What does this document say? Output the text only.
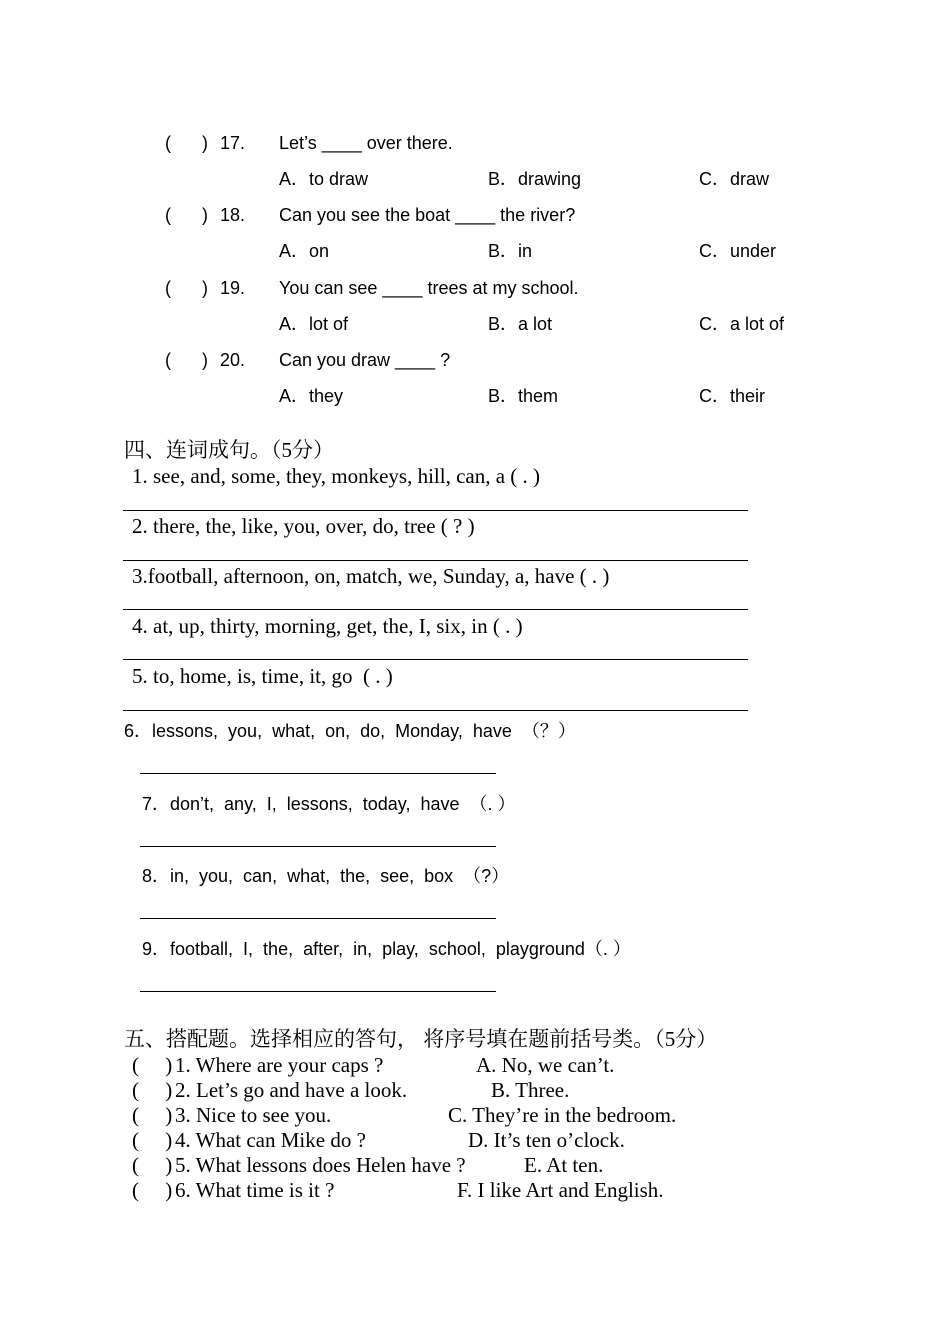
( ) 17. Let’s ____ over there.
A．to draw	B．drawing	C．draw
( ) 18. Can you see the boat ____ the river?
A．on	B．in	C．under
( ) 19. You can see ____ trees at my school.
A．lot of	B．a lot	C．a lot of
( ) 20. Can you draw ____ ?
A．they	B．them	C．their
四、连词成句。（5分）
1. see, and, some, they, monkeys, hill, can, a ( . )
2. there, the, like, you, over, do, tree ( ? )
3.football, afternoon, on, match, we, Sunday, a, have ( . )
4. at, up, thirty, morning, get, the, I, six, in ( . )
5. to, home, is, time, it, go  ( . )
6．lessons,  you,  what,  on,  do,  Monday,  have  （？）
7．don’t,  any,  I,  lessons,  today,  have  （. ）
8．in,  you,  can,  what,  the,  see,  box  （?）
9．football,  I,  the,  after,  in,  play,  school,  playground（. ）
五、搭配题。选择相应的答句， 将序号填在题前括号类。（5分）
(     ) 1. Where are your caps ?	A. No, we can’t.
(     ) 2. Let’s go and have a look.	B. Three.
(     ) 3. Nice to see you.	C. They’re in the bedroom.
(     ) 4. What can Mike do ?	D. It’s ten o’clock.
(     ) 5. What lessons does Helen have ?	E. At ten.
(     ) 6. What time is it ?	F. I like Art and English.
